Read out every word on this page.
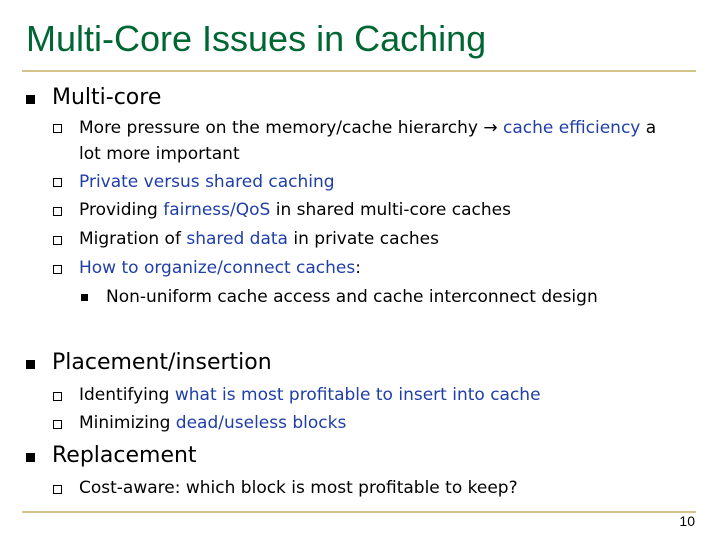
Multi-Core Issues in Caching
Multi-core
More pressure on the memory/cache hierarchy → cache efficiency a
lot more important
Private versus shared caching
Providing fairness/QoS in shared multi-core caches
Migration of shared data in private caches
How to organize/connect caches:
Non-uniform cache access and cache interconnect design
Placement/insertion
Identifying what is most profitable to insert into cache
Minimizing dead/useless blocks
Replacement
Cost-aware: which block is most profitable to keep?
10
